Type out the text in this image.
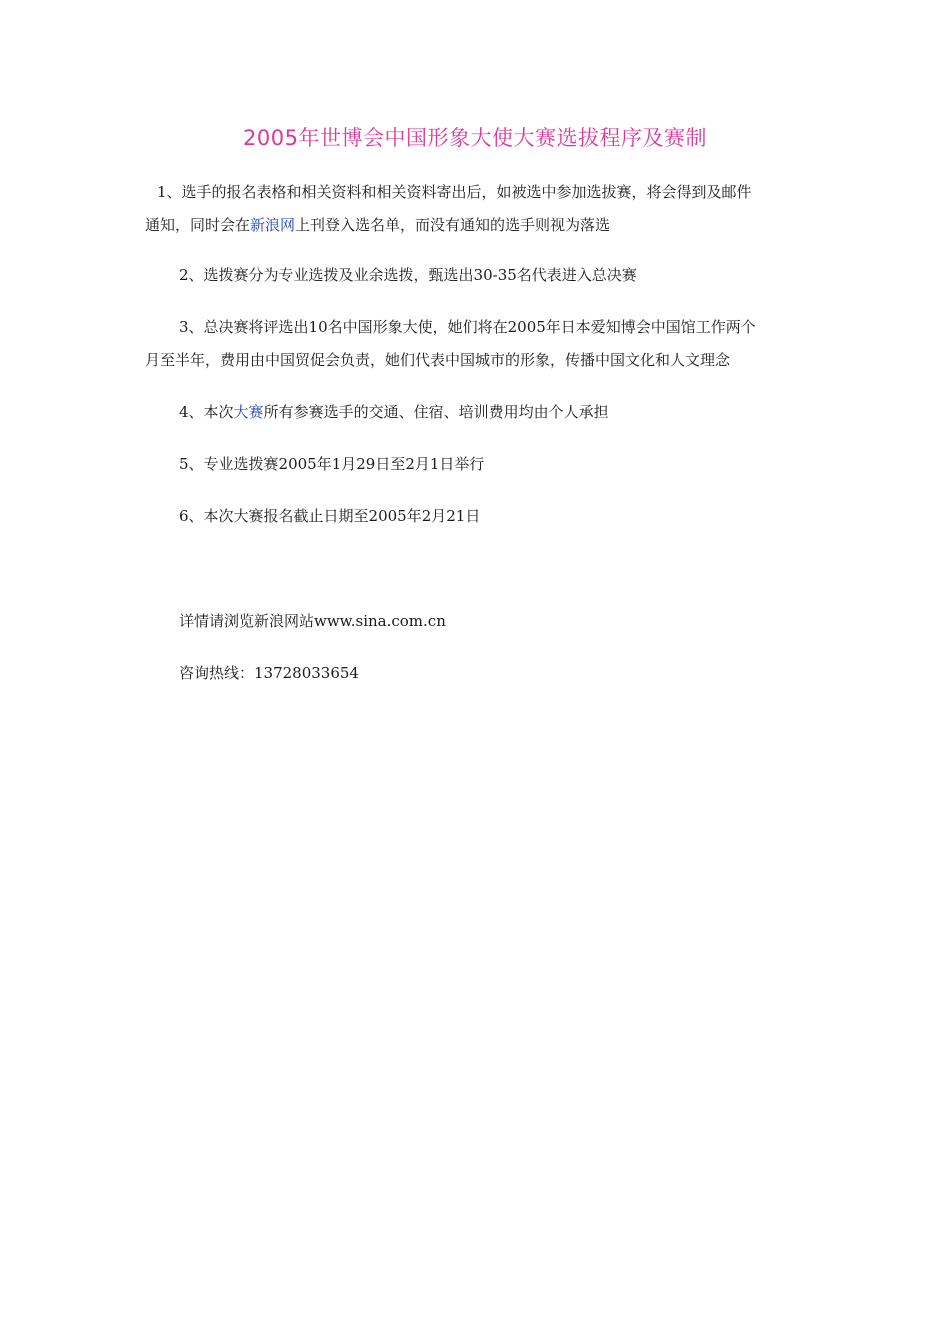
2005年世博会中国形象大使大赛选拔程序及赛制

1、选手的报名表格和相关资料和相关资料寄出后，如被选中参加选拔赛，将会得到及邮件
通知，同时会在新浪网上刊登入选名单，而没有通知的选手则视为落选

2、选拨赛分为专业选拨及业余选拨，甄选出30-35名代表进入总决赛

3、总决赛将评选出10名中国形象大使，她们将在2005年日本爱知博会中国馆工作两个
月至半年，费用由中国贸促会负责，她们代表中国城市的形象，传播中国文化和人文理念

4、本次大赛所有参赛选手的交通、住宿、培训费用均由个人承担

5、专业选拨赛2005年1月29日至2月1日举行

6、本次大赛报名截止日期至2005年2月21日

详情请浏览新浪网站www.sina.com.cn

咨询热线：13728033654
